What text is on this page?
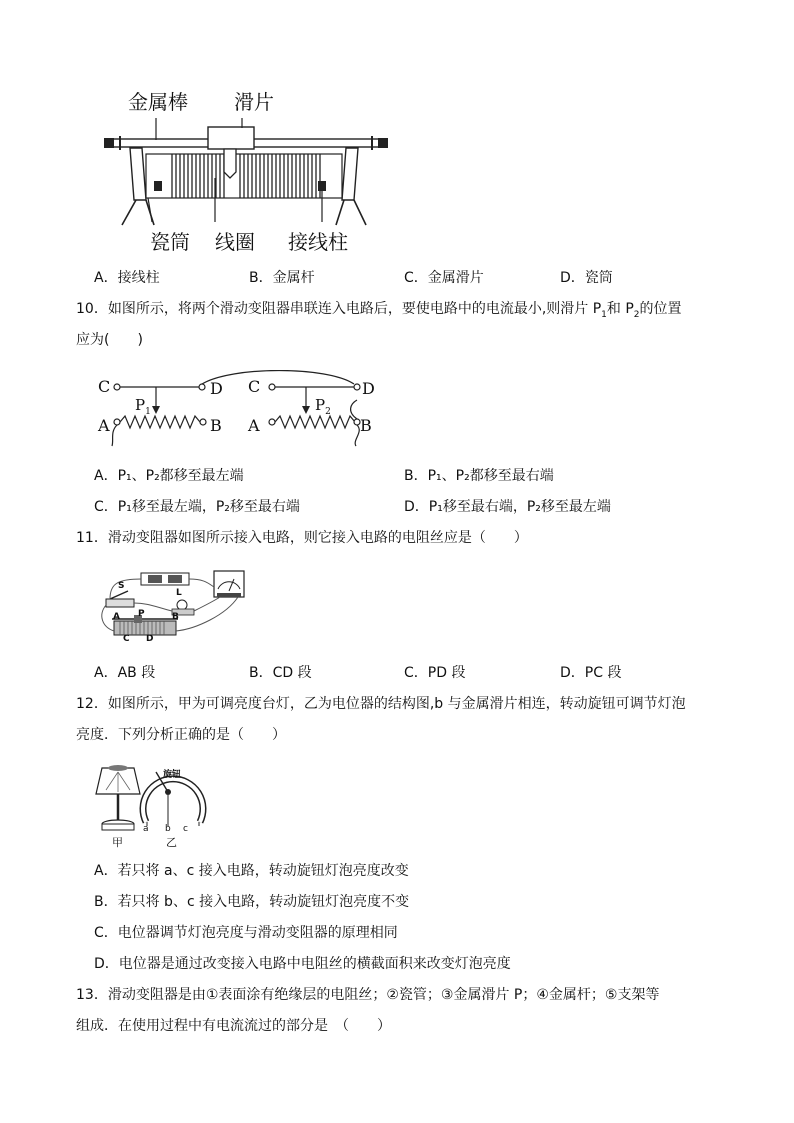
金属棒 滑片
瓷筒 线圈 接线柱
A．接线柱	B．金属杆	C．金属滑片	D．瓷筒
10．如图所示，将两个滑动变阻器串联连入电路后，要使电路中的电流最小,则滑片 $P_1$和 $P_2$的位置
应为(　　)
C	D
A	B
$P_1$
C	D
A	B
$P_2$
A．P₁、P₂都移至最左端	B．P₁、P₂都移至最右端
C．P₁移至最左端，P₂移至最右端	D．P₁移至最右端，P₂移至最左端
11．滑动变阻器如图所示接入电路，则它接入电路的电阻丝应是（　　）
S
L
P
A	B
C D
A．AB 段	B．CD 段	C．PD 段	D．PC 段
12．如图所示，甲为可调亮度台灯，乙为电位器的结构图,b 与金属滑片相连，转动旋钮可调节灯泡
亮度．下列分析正确的是（　　）
旋钮
a b c
甲	乙
A．若只将 a、c 接入电路，转动旋钮灯泡亮度改变
B．若只将 b、c 接入电路，转动旋钮灯泡亮度不变
C．电位器调节灯泡亮度与滑动变阻器的原理相同
D．电位器是通过改变接入电路中电阻丝的横截面积来改变灯泡亮度
13．滑动变阻器是由①表面涂有绝缘层的电阻丝；②瓷管；③金属滑片 P；④金属杆；⑤支架等
组成．在使用过程中有电流流过的部分是　（　　）
